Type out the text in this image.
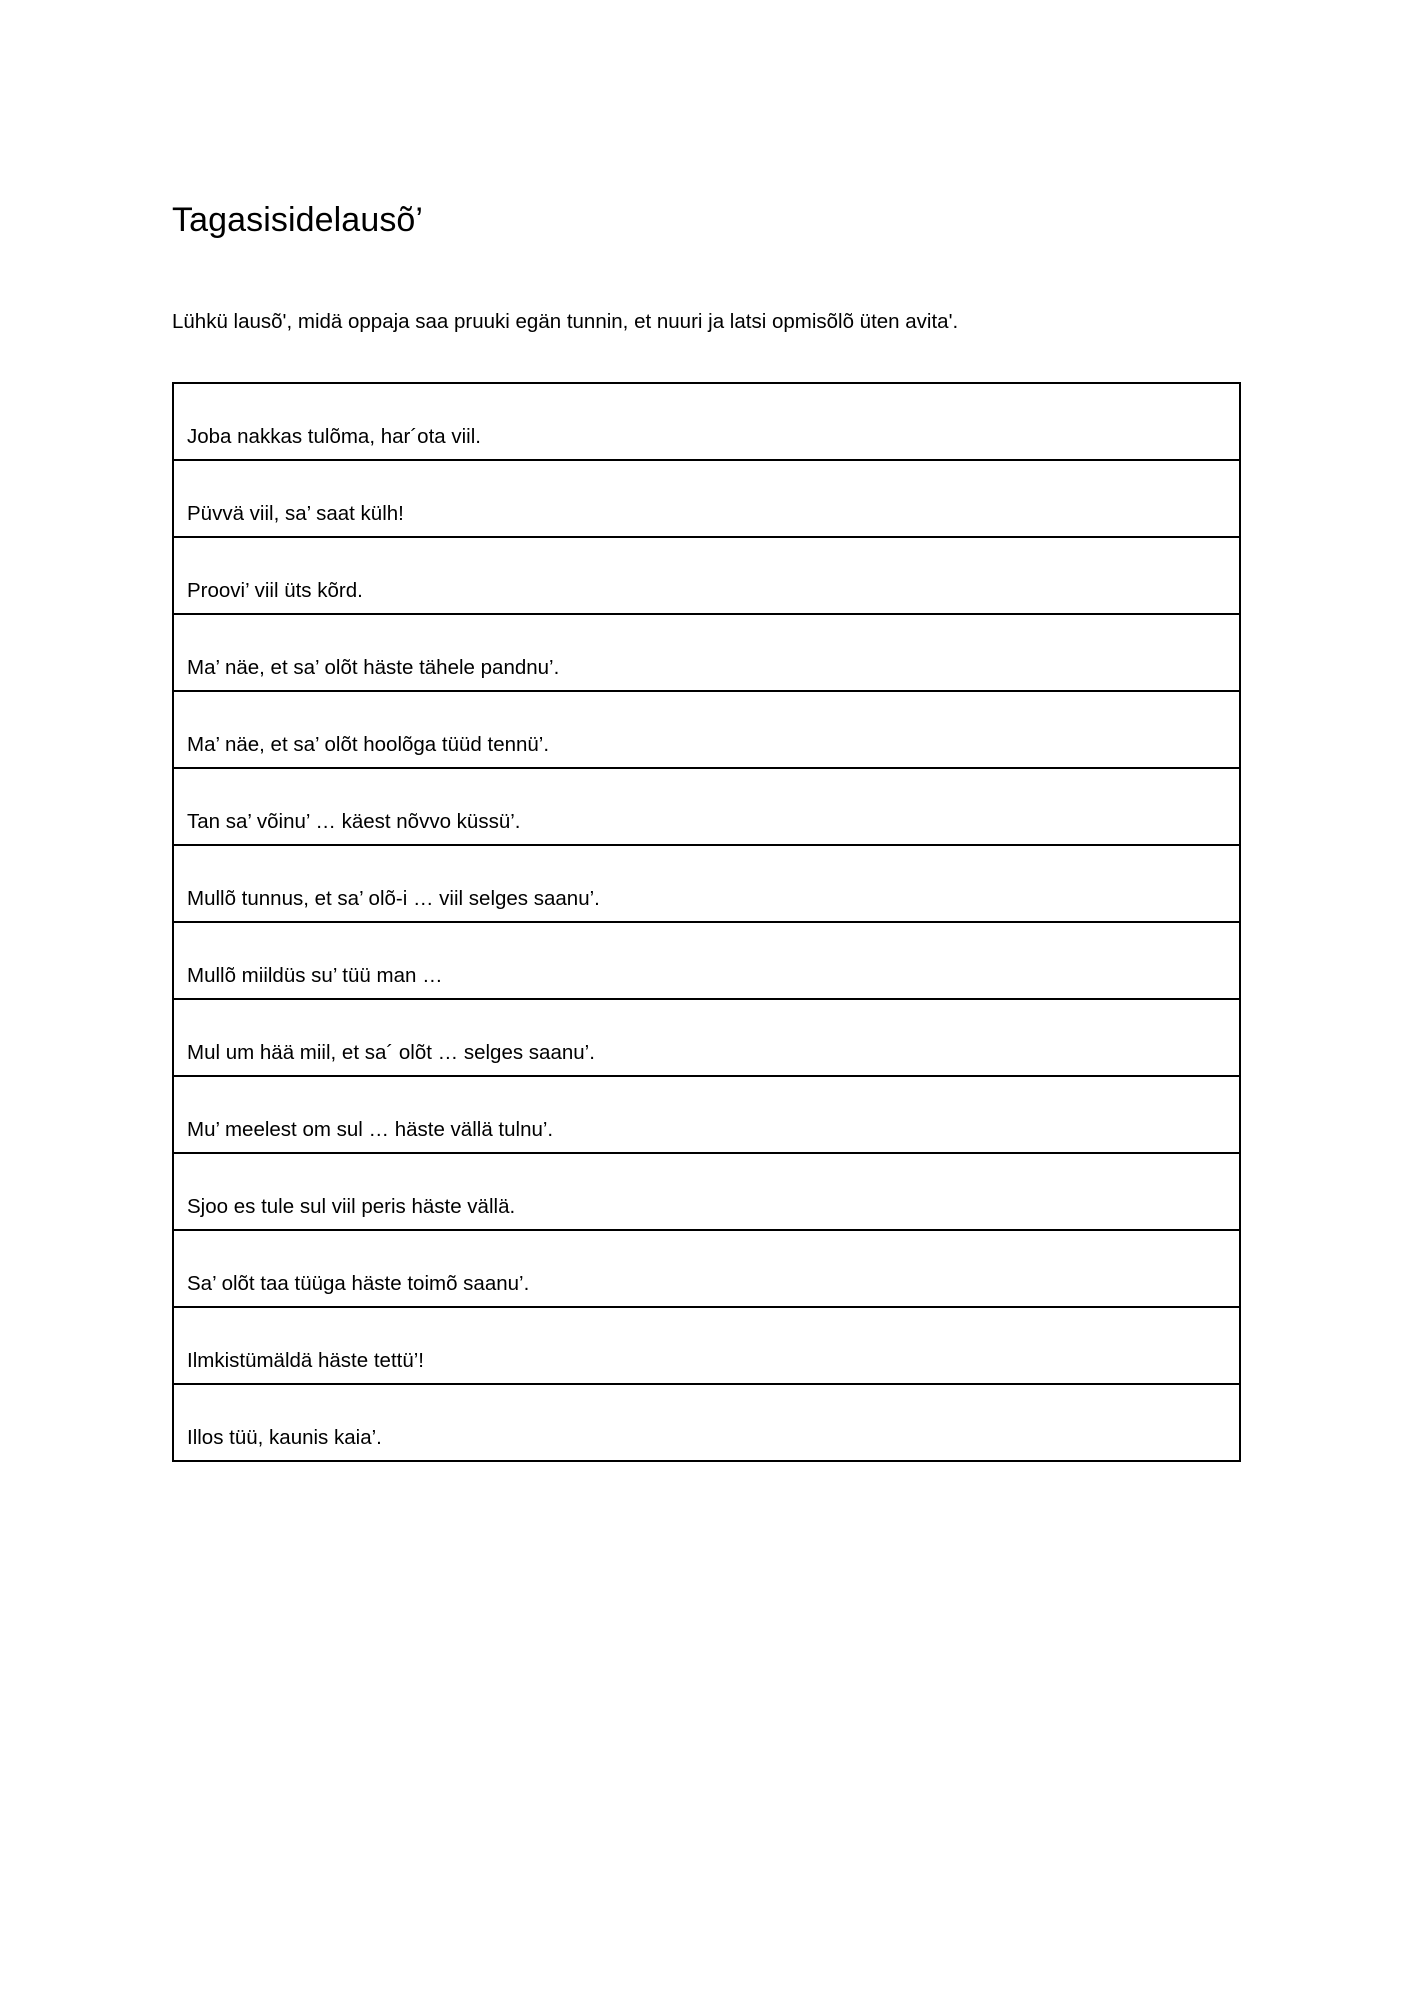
Tagasisidelausõ’
Lühkü lausõ', midä oppaja saa pruuki egän tunnin, et nuuri ja latsi opmisõlõ üten avita'.
Joba nakkas tulõma, har´ota viil.

Püvvä viil, sa’ saat külh!

Proovi’ viil üts kõrd.

Ma’ näe, et sa’ olõt häste tähele pandnu’.

Ma’ näe, et sa’ olõt hoolõga tüüd tennü’.

Tan sa’ võinu’ … käest nõvvo küssü’.

Mullõ tunnus, et sa’ olõ-i … viil selges saanu’.

Mullõ miildüs su’ tüü man …

Mul um hää miil, et sa´ olõt … selges saanu’.

Mu’ meelest om sul … häste vällä tulnu’.

Sjoo es tule sul viil peris häste vällä.

Sa’ olõt taa tüüga häste toimõ saanu’.

Ilmkistümäldä häste tettü’!

Illos tüü, kaunis kaia’.
